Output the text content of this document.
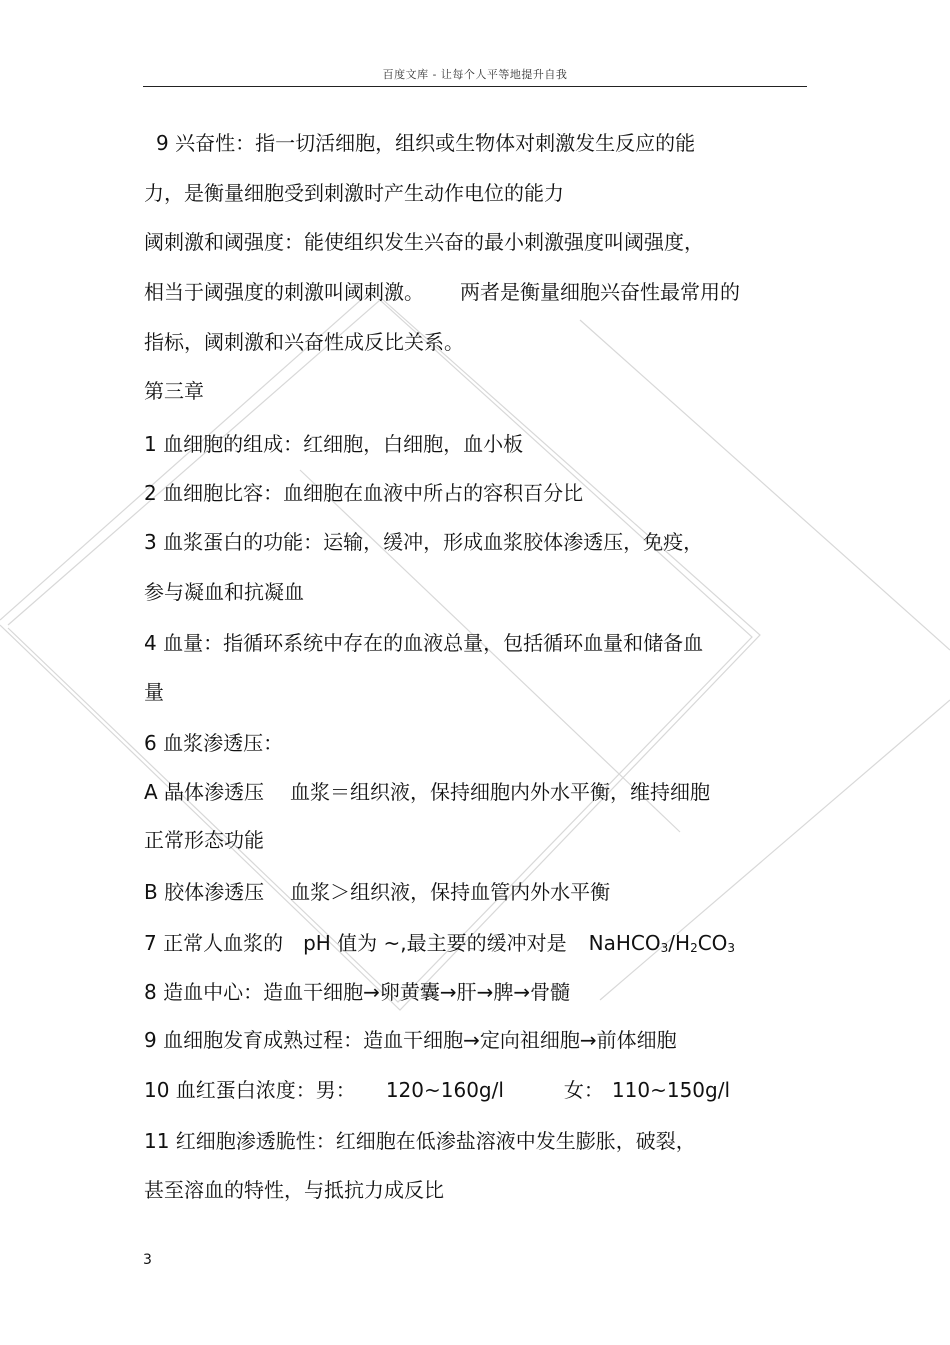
百度文库 - 让每个人平等地提升自我
9 兴奋性：指一切活细胞，组织或生物体对刺激发生反应的能
力，是衡量细胞受到刺激时产生动作电位的能力
阈刺激和阈强度：能使组织发生兴奋的最小刺激强度叫阈强度，
相当于阈强度的刺激叫阈刺激。 两者是衡量细胞兴奋性最常用的
指标，阈刺激和兴奋性成反比关系。
第三章
1 血细胞的组成：红细胞，白细胞，血小板
2 血细胞比容：血细胞在血液中所占的容积百分比
3 血浆蛋白的功能：运输，缓冲，形成血浆胶体渗透压，免疫，
参与凝血和抗凝血
4 血量：指循环系统中存在的血液总量，包括循环血量和储备血
量
6 血浆渗透压：
A 晶体渗透压 血浆＝组织液，保持细胞内外水平衡，维持细胞
正常形态功能
B 胶体渗透压 血浆＞组织液，保持血管内外水平衡
7 正常人血浆的 pH 值为 ~,最主要的缓冲对是 NaHCO3/H2CO3
8 造血中心：造血干细胞→卵黄囊→肝→脾→骨髓
9 血细胞发育成熟过程：造血干细胞→定向祖细胞→前体细胞
10 血红蛋白浓度：男： 120~160g/l	女： 110~150g/l
11 红细胞渗透脆性：红细胞在低渗盐溶液中发生膨胀，破裂，
甚至溶血的特性，与抵抗力成反比
3
